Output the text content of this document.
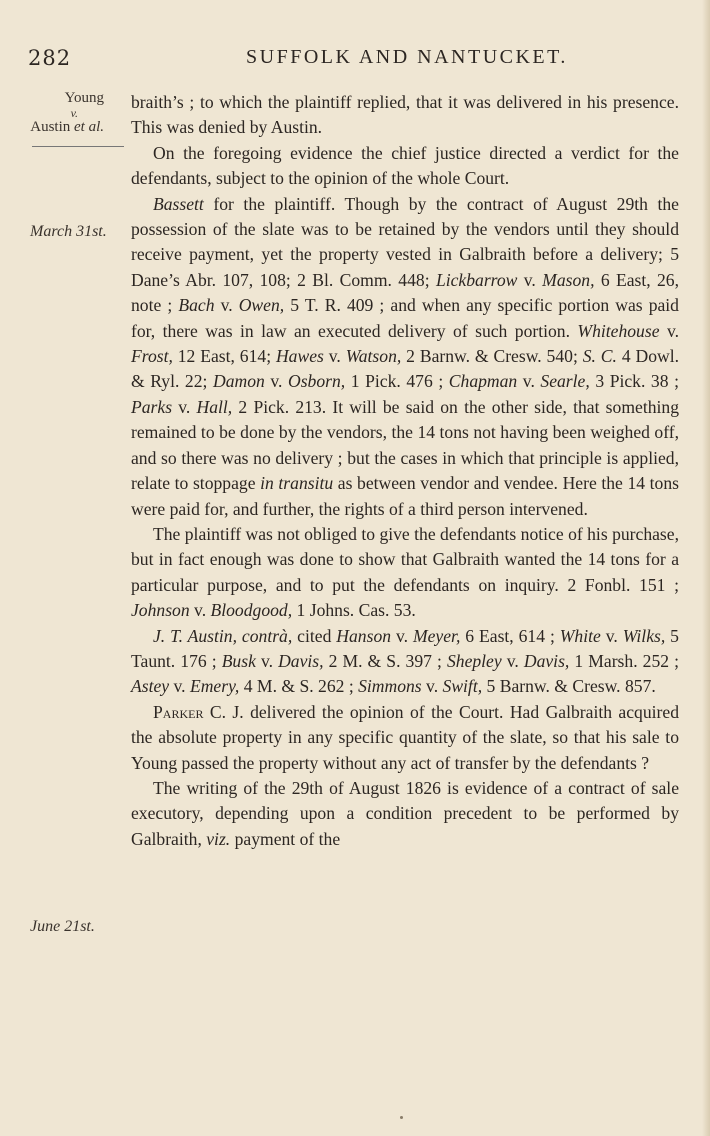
282	SUFFOLK AND NANTUCKET.
Young
v.
Austin et al.
March 31st.
June 21st.

braith’s ; to which the plaintiff replied, that it was delivered in his presence. This was denied by Austin.

On the foregoing evidence the chief justice directed a verdict for the defendants, subject to the opinion of the whole Court.

Bassett for the plaintiff. Though by the contract of August 29th the possession of the slate was to be retained by the vendors until they should receive payment, yet the property vested in Galbraith before a delivery; 5 Dane’s Abr. 107, 108; 2 Bl. Comm. 448; Lickbarrow v. Mason, 6 East, 26, note ; Bach v. Owen, 5 T. R. 409 ; and when any specific portion was paid for, there was in law an executed delivery of such portion. Whitehouse v. Frost, 12 East, 614; Hawes v. Watson, 2 Barnw. & Cresw. 540; S. C. 4 Dowl. & Ryl. 22; Damon v. Osborn, 1 Pick. 476 ; Chapman v. Searle, 3 Pick. 38 ; Parks v. Hall, 2 Pick. 213. It will be said on the other side, that something remained to be done by the vendors, the 14 tons not having been weighed off, and so there was no delivery ; but the cases in which that principle is applied, relate to stoppage in transitu as between vendor and vendee. Here the 14 tons were paid for, and further, the rights of a third person intervened.

The plaintiff was not obliged to give the defendants notice of his purchase, but in fact enough was done to show that Galbraith wanted the 14 tons for a particular purpose, and to put the defendants on inquiry. 2 Fonbl. 151 ; Johnson v. Bloodgood, 1 Johns. Cas. 53.

J. T. Austin, contrà, cited Hanson v. Meyer, 6 East, 614 ; White v. Wilks, 5 Taunt. 176 ; Busk v. Davis, 2 M. & S. 397 ; Shepley v. Davis, 1 Marsh. 252 ; Astey v. Emery, 4 M. & S. 262 ; Simmons v. Swift, 5 Barnw. & Cresw. 857.

Parker C. J. delivered the opinion of the Court. Had Galbraith acquired the absolute property in any specific quantity of the slate, so that his sale to Young passed the property without any act of transfer by the defendants ?

The writing of the 29th of August 1826 is evidence of a contract of sale executory, depending upon a condition precedent to be performed by Galbraith, viz. payment of the
